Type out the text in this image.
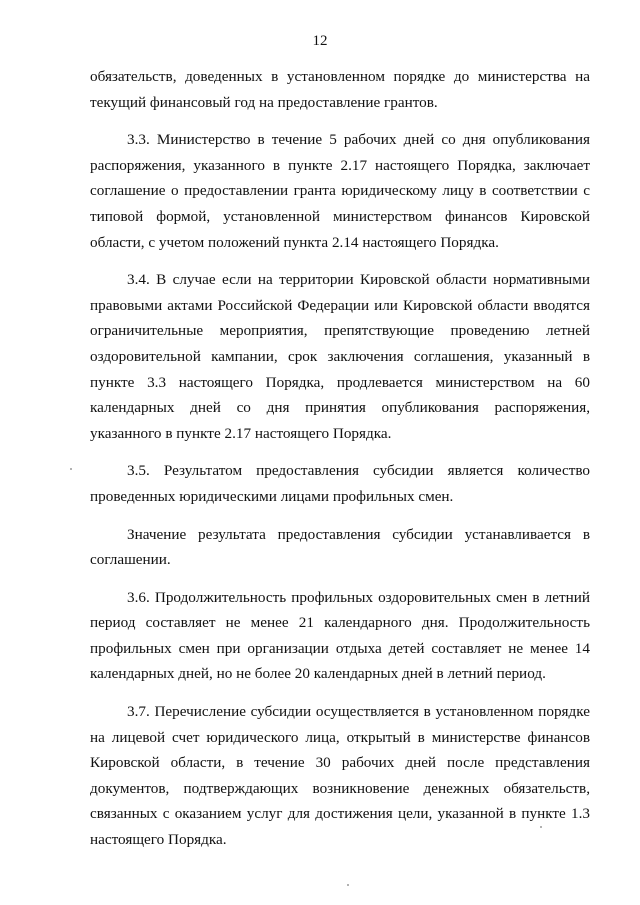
12

обязательств, доведенных в установленном порядке до министерства на текущий финансовый год на предоставление грантов.

3.3. Министерство в течение 5 рабочих дней со дня опубликования распоряжения, указанного в пункте 2.17 настоящего Порядка, заключает соглашение о предоставлении гранта юридическому лицу в соответствии с типовой формой, установленной министерством финансов Кировской области, с учетом положений пункта 2.14 настоящего Порядка.

3.4. В случае если на территории Кировской области нормативными правовыми актами Российской Федерации или Кировской области вводятся ограничительные мероприятия, препятствующие проведению летней оздоровительной кампании, срок заключения соглашения, указанный в пункте 3.3 настоящего Порядка, продлевается министерством на 60 календарных дней со дня принятия опубликования распоряжения, указанного в пункте 2.17 настоящего Порядка.

3.5. Результатом предоставления субсидии является количество проведенных юридическими лицами профильных смен.

Значение результата предоставления субсидии устанавливается в соглашении.

3.6. Продолжительность профильных оздоровительных смен в летний период составляет не менее 21 календарного дня. Продолжительность профильных смен при организации отдыха детей составляет не менее 14 календарных дней, но не более 20 календарных дней в летний период.

3.7. Перечисление субсидии осуществляется в установленном порядке на лицевой счет юридического лица, открытый в министерстве финансов Кировской области, в течение 30 рабочих дней после представления документов, подтверждающих возникновение денежных обязательств, связанных с оказанием услуг для достижения цели, указанной в пункте 1.3 настоящего Порядка.
